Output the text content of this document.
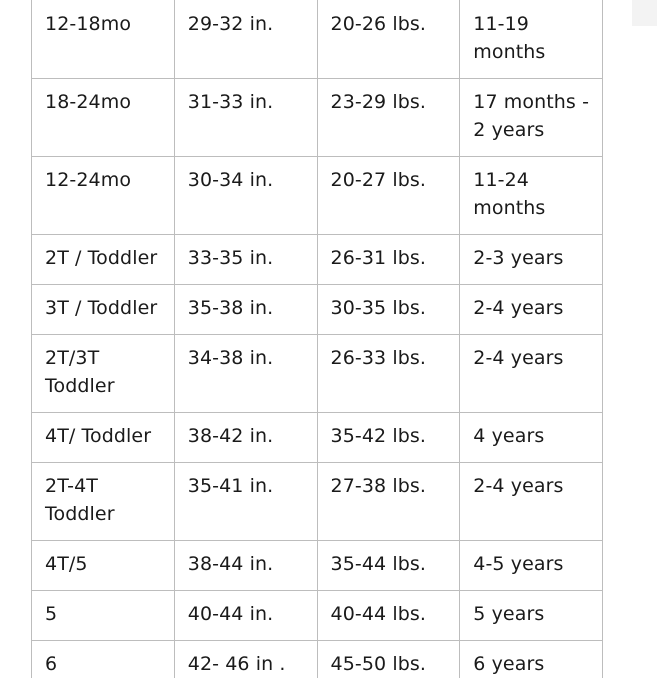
12-18mo	29-32 in.	20-26 lbs.	11-19 months
18-24mo	31-33 in.	23-29 lbs.	17 months - 2 years
12-24mo	30-34 in.	20-27 lbs.	11-24 months
2T / Toddler	33-35 in.	26-31 lbs.	2-3 years
3T / Toddler	35-38 in.	30-35 lbs.	2-4 years
2T/3T Toddler	34-38 in.	26-33 lbs.	2-4 years
4T/ Toddler	38-42 in.	35-42 lbs.	4 years
2T-4T Toddler	35-41 in.	27-38 lbs.	2-4 years
4T/5	38-44 in.	35-44 lbs.	4-5 years
5	40-44 in.	40-44 lbs.	5 years
6	42- 46 in .	45-50 lbs.	6 years
